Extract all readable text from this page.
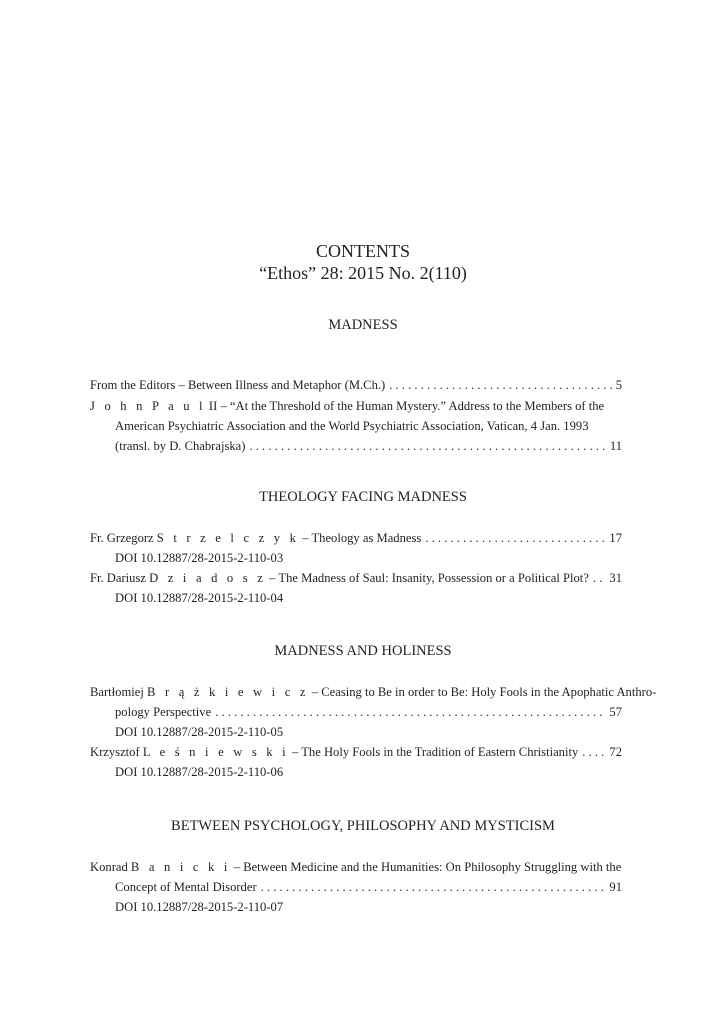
CONTENTS
“Ethos” 28: 2015 No. 2(110)
MADNESS
From the Editors – Between Illness and Metaphor (M.Ch.) . . .	5
J o h n P a u l II – “At the Threshold of the Human Mystery.” Address to the Members of the
American Psychiatric Association and the World Psychiatric Association, Vatican, 4 Jan. 1993
(transl. by D. Chabrajska) . . .	11
THEOLOGY FACING MADNESS
Fr. Grzegorz S t r z e l c z y k – Theology as Madness . . .	17
DOI 10.12887/28-2015-2-110-03
Fr. Dariusz D z i a d o s z – The Madness of Saul: Insanity, Possession or a Political Plot? . . . 31
DOI 10.12887/28-2015-2-110-04
MADNESS AND HOLINESS
Bartłomiej B r ą ż k i e w i c z – Ceasing to Be in order to Be: Holy Fools in the Apophatic Anthro-
pology Perspective . . .	57
DOI 10.12887/28-2015-2-110-05
Krzysztof L e ś n i e w s k i – The Holy Fools in the Tradition of Eastern Christianity . . . 72
DOI 10.12887/28-2015-2-110-06
BETWEEN PSYCHOLOGY, PHILOSOPHY AND MYSTICISM
Konrad B a n i c k i – Between Medicine and the Humanities: On Philosophy Struggling with the
Concept of Mental Disorder . . .	91
DOI 10.12887/28-2015-2-110-07
